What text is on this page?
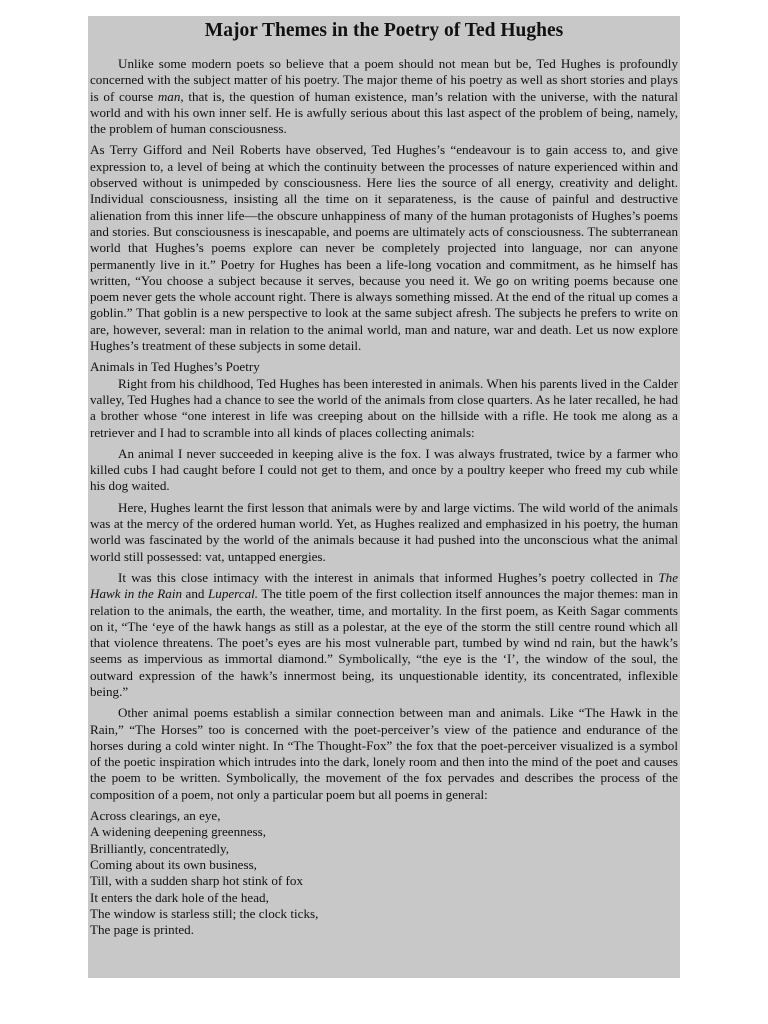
Major Themes in the Poetry of Ted Hughes

Unlike some modern poets so believe that a poem should not mean but be, Ted Hughes is profoundly concerned with the subject matter of his poetry. The major theme of his poetry as well as short stories and plays is of course man, that is, the question of human existence, man’s relation with the universe, with the natural world and with his own inner self. He is awfully serious about this last aspect of the problem of being, namely, the problem of human consciousness.

As Terry Gifford and Neil Roberts have observed, Ted Hughes’s “endeavour is to gain access to, and give expression to, a level of being at which the continuity between the processes of nature experienced within and observed without is unimpeded by consciousness. Here lies the source of all energy, creativity and delight. Individual consciousness, insisting all the time on it separateness, is the cause of painful and destructive alienation from this inner life—the obscure unhappiness of many of the human protagonists of Hughes’s poems and stories. But consciousness is inescapable, and poems are ultimately acts of consciousness. The subterranean world that Hughes’s poems explore can never be completely projected into language, nor can anyone permanently live in it.” Poetry for Hughes has been a life-long vocation and commitment, as he himself has written, “You choose a subject because it serves, because you need it. We go on writing poems because one poem never gets the whole account right. There is always something missed. At the end of the ritual up comes a goblin.” That goblin is a new perspective to look at the same subject afresh. The subjects he prefers to write on are, however, several: man in relation to the animal world, man and nature, war and death. Let us now explore Hughes’s treatment of these subjects in some detail.

Animals in Ted Hughes’s Poetry

Right from his childhood, Ted Hughes has been interested in animals. When his parents lived in the Calder valley, Ted Hughes had a chance to see the world of the animals from close quarters. As he later recalled, he had a brother whose “one interest in life was creeping about on the hillside with a rifle. He took me along as a retriever and I had to scramble into all kinds of places collecting animals:

An animal I never succeeded in keeping alive is the fox. I was always frustrated, twice by a farmer who killed cubs I had caught before I could not get to them, and once by a poultry keeper who freed my cub while his dog waited.

Here, Hughes learnt the first lesson that animals were by and large victims. The wild world of the animals was at the mercy of the ordered human world. Yet, as Hughes realized and emphasized in his poetry, the human world was fascinated by the world of the animals because it had pushed into the unconscious what the animal world still possessed: vat, untapped energies.

It was this close intimacy with the interest in animals that informed Hughes’s poetry collected in The Hawk in the Rain and Lupercal. The title poem of the first collection itself announces the major themes: man in relation to the animals, the earth, the weather, time, and mortality. In the first poem, as Keith Sagar comments on it, “The ‘eye of the hawk hangs as still as a polestar, at the eye of the storm the still centre round which all that violence threatens. The poet’s eyes are his most vulnerable part, tumbed by wind nd rain, but the hawk’s seems as impervious as immortal diamond.” Symbolically, “the eye is the ‘I’, the window of the soul, the outward expression of the hawk’s innermost being, its unquestionable identity, its concentrated, inflexible being.”

Other animal poems establish a similar connection between man and animals. Like “The Hawk in the Rain,” “The Horses” too is concerned with the poet-perceiver’s view of the patience and endurance of the horses during a cold winter night. In “The Thought-Fox” the fox that the poet-perceiver visualized is a symbol of the poetic inspiration which intrudes into the dark, lonely room and then into the mind of the poet and causes the poem to be written. Symbolically, the movement of the fox pervades and describes the process of the composition of a poem, not only a particular poem but all poems in general:

Across clearings, an eye,
A widening deepening greenness,
Brilliantly, concentratedly,
Coming about its own business,
Till, with a sudden sharp hot stink of fox
It enters the dark hole of the head,
The window is starless still; the clock ticks,
The page is printed.
